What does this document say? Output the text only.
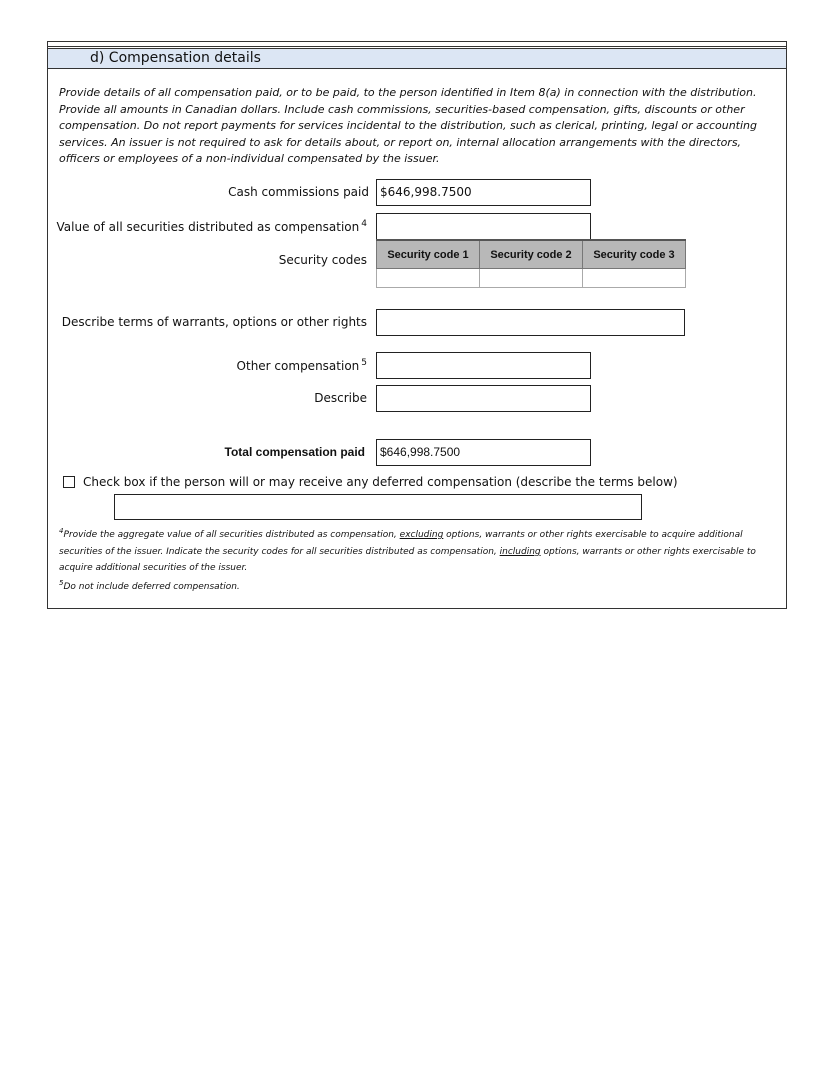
d) Compensation details
Provide details of all compensation paid, or to be paid, to the person identified in Item 8(a) in connection with the distribution. Provide all amounts in Canadian dollars. Include cash commissions, securities-based compensation, gifts, discounts or other compensation. Do not report payments for services incidental to the distribution, such as clerical, printing, legal or accounting services. An issuer is not required to ask for details about, or report on, internal allocation arrangements with the directors, officers or employees of a non-individual compensated by the issuer.
Cash commissions paid $646,998.7500
Value of all securities distributed as compensation $^4$
Security codes Security code 1	Security code 2	Security code 3

Describe terms of warrants, options or other rights
Other compensation $^5$
Describe
Total compensation paid	$646,998.7500
Check box if the person will or may receive any deferred compensation (describe the terms below)
$^4$Provide the aggregate value of all securities distributed as compensation, excluding options, warrants or other rights exercisable to acquire additional securities of the issuer. Indicate the security codes for all securities distributed as compensation, including options, warrants or other rights exercisable to acquire additional securities of the issuer.
$^5$Do not include deferred compensation.
